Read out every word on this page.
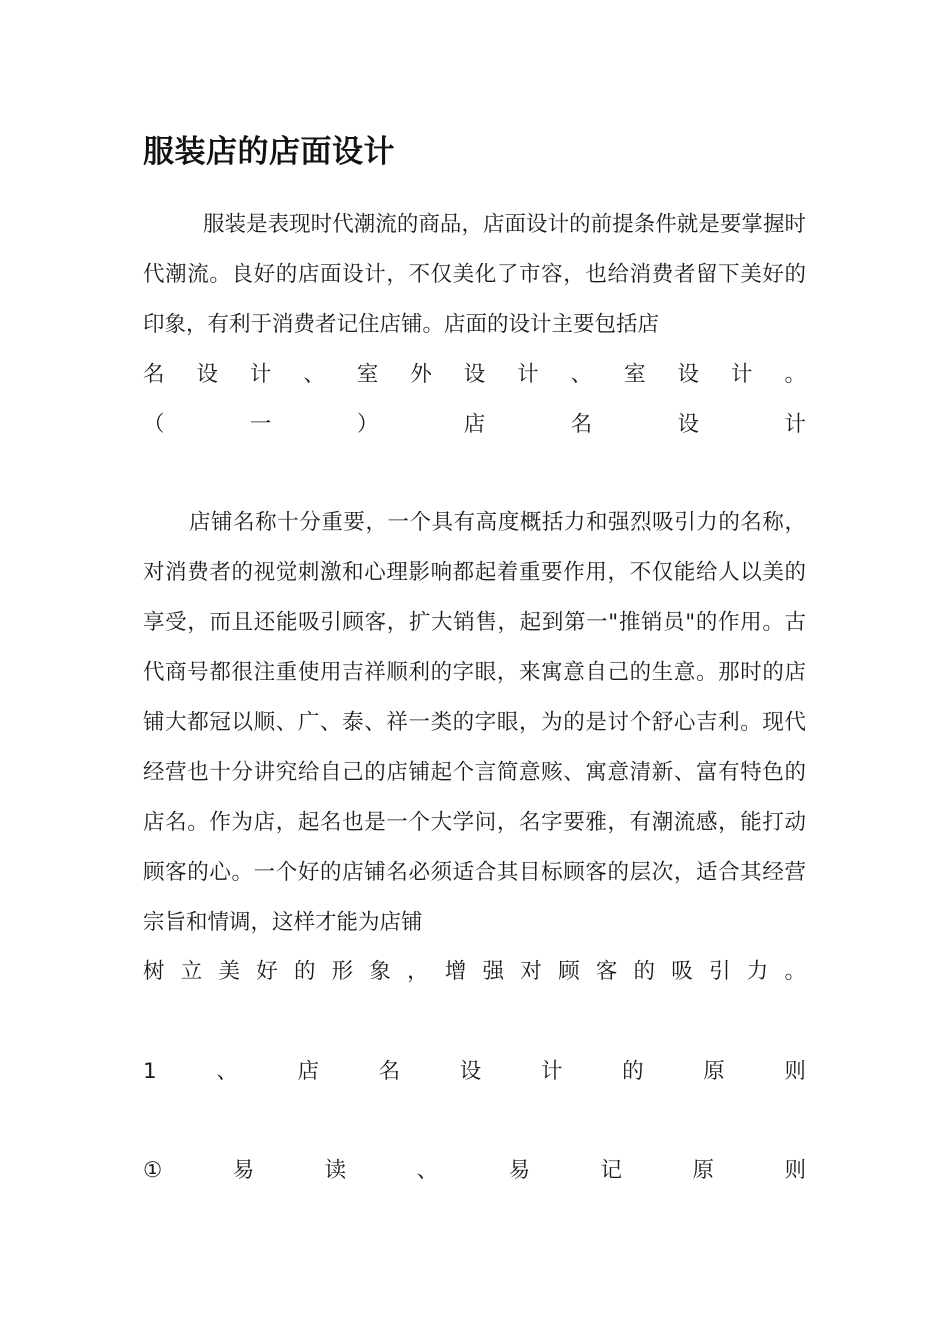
服装店的店面设计

服装是表现时代潮流的商品，店面设计的前提条件就是要掌握时代潮流。良好的店面设计，不仅美化了市容，也给消费者留下美好的印象，有利于消费者记住店铺。店面的设计主要包括店

名 设 计 、 室 外 设 计 、 室 设 计 。
（	一	）	店	名	设	计

店铺名称十分重要，一个具有高度概括力和强烈吸引力的名称，对消费者的视觉刺激和心理影响都起着重要作用，不仅能给人以美的享受，而且还能吸引顾客，扩大销售，起到第一"推销员"的作用。古代商号都很注重使用吉祥顺利的字眼，来寓意自己的生意。那时的店铺大都冠以顺、广、泰、祥一类的字眼，为的是讨个舒心吉利。现代经营也十分讲究给自己的店铺起个言简意赅、寓意清新、富有特色的店名。作为店，起名也是一个大学问，名字要雅，有潮流感，能打动顾客的心。一个好的店铺名必须适合其目标顾客的层次，适合其经营宗旨和情调，这样才能为店铺

树 立 美 好 的 形 象 ， 增 强 对 顾 客 的 吸 引 力 。
1	、	店	名	设	计	的	原	则
①	易	读	、	易	记	原	则
